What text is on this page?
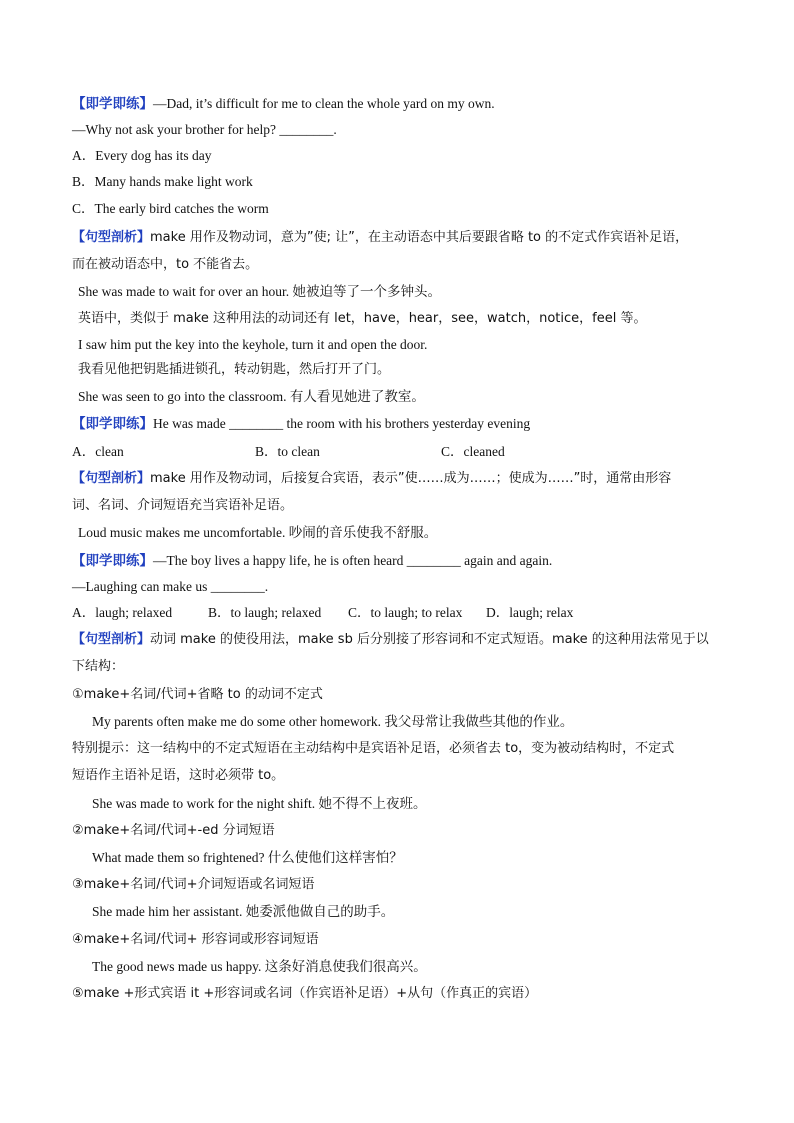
【即学即练】—Dad, it’s difficult for me to clean the whole yard on my own.
—Why not ask your brother for help? ________.
A．Every dog has its day
B．Many hands make light work
C．The early bird catches the worm
【句型剖析】make 用作及物动词，意为”使; 让”，在主动语态中其后要跟省略 to 的不定式作宾语补足语，
而在被动语态中，to 不能省去。
She was made to wait for over an hour. 她被迫等了一个多钟头。
英语中，类似于 make 这种用法的动词还有 let，have，hear，see，watch，notice，feel 等。
I saw him put the key into the keyhole, turn it and open the door.
我看见他把钥匙插进锁孔，转动钥匙，然后打开了门。
She was seen to go into the classroom. 有人看见她进了教室。
【即学即练】He was made ________ the room with his brothers yesterday evening
A．clean	B．to clean	C．cleaned
【句型剖析】make 用作及物动词，后接复合宾语，表示”使……成为……；使成为……”时，通常由形容
词、名词、介词短语充当宾语补足语。
Loud music makes me uncomfortable. 吵闹的音乐使我不舒服。
【即学即练】—The boy lives a happy life, he is often heard ________ again and again.
—Laughing can make us ________.
A．laugh; relaxed	B．to laugh; relaxed	C．to laugh; to relax	D．laugh; relax
【句型剖析】动词 make 的使役用法，make sb 后分别接了形容词和不定式短语。make 的这种用法常见于以
下结构：
①make+名词/代词+省略 to 的动词不定式
My parents often make me do some other homework. 我父母常让我做些其他的作业。
特别提示：这一结构中的不定式短语在主动结构中是宾语补足语，必须省去 to，变为被动结构时，不定式
短语作主语补足语，这时必须带 to。
She was made to work for the night shift. 她不得不上夜班。
②make+名词/代词+-ed 分词短语
What made them so frightened? 什么使他们这样害怕？
③make+名词/代词+介词短语或名词短语
She made him her assistant. 她委派他做自己的助手。
④make+名词/代词+ 形容词或形容词短语
The good news made us happy. 这条好消息使我们很高兴。
⑤make +形式宾语 it +形容词或名词（作宾语补足语）+从句（作真正的宾语）
